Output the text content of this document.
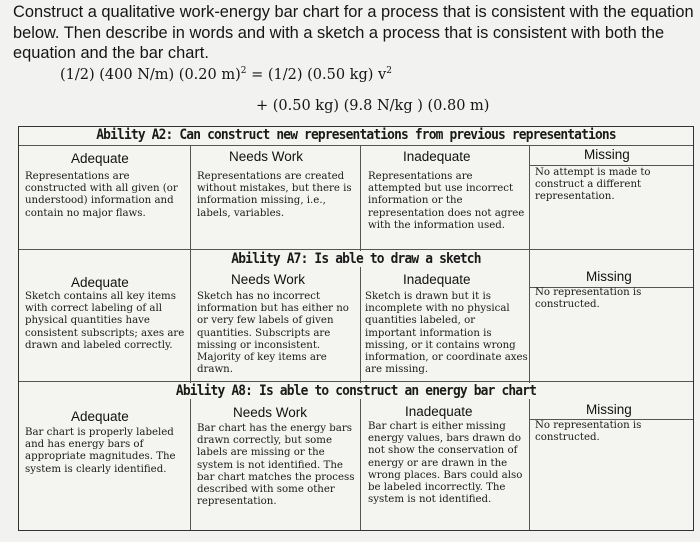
Construct a qualitative work-energy bar chart for a process that is consistent with the equation below. Then describe in words and with a sketch a process that is consistent with both the equation and the bar chart.
(1/2) (400 N/m) (0.20 m)$^2$ = (1/2) (0.50 kg) $v^2$
+ (0.50 kg) (9.8 N/kg ) (0.80 m)
Ability A2: Can construct new representations from previous representations
Adequate	Needs Work	Inadequate	Missing
Representations are constructed with all given (or understood) information and contain no major flaws.
Representations are created without mistakes, but there is information missing, i.e., labels, variables.
Representations are attempted but use incorrect information or the representation does not agree with the information used.
No attempt is made to construct a different representation.
Ability A7: Is able to draw a sketch
Adequate	Needs Work	Inadequate	Missing
Sketch contains all key items with correct labeling of all physical quantities have consistent subscripts; axes are drawn and labeled correctly.
Sketch has no incorrect information but has either no or very few labels of given quantities. Subscripts are missing or inconsistent. Majority of key items are drawn.
Sketch is drawn but it is incomplete with no physical quantities labeled, or important information is missing, or it contains wrong information, or coordinate axes are missing.
No representation is constructed.
Ability A8: Is able to construct an energy bar chart
Adequate	Needs Work	Inadequate	Missing
Bar chart is properly labeled and has energy bars of appropriate magnitudes. The system is clearly identified.
Bar chart has the energy bars drawn correctly, but some labels are missing or the system is not identified. The bar chart matches the process described with some other representation.
Bar chart is either missing energy values, bars drawn do not show the conservation of energy or are drawn in the wrong places. Bars could also be labeled incorrectly. The system is not identified.
No representation is constructed.
